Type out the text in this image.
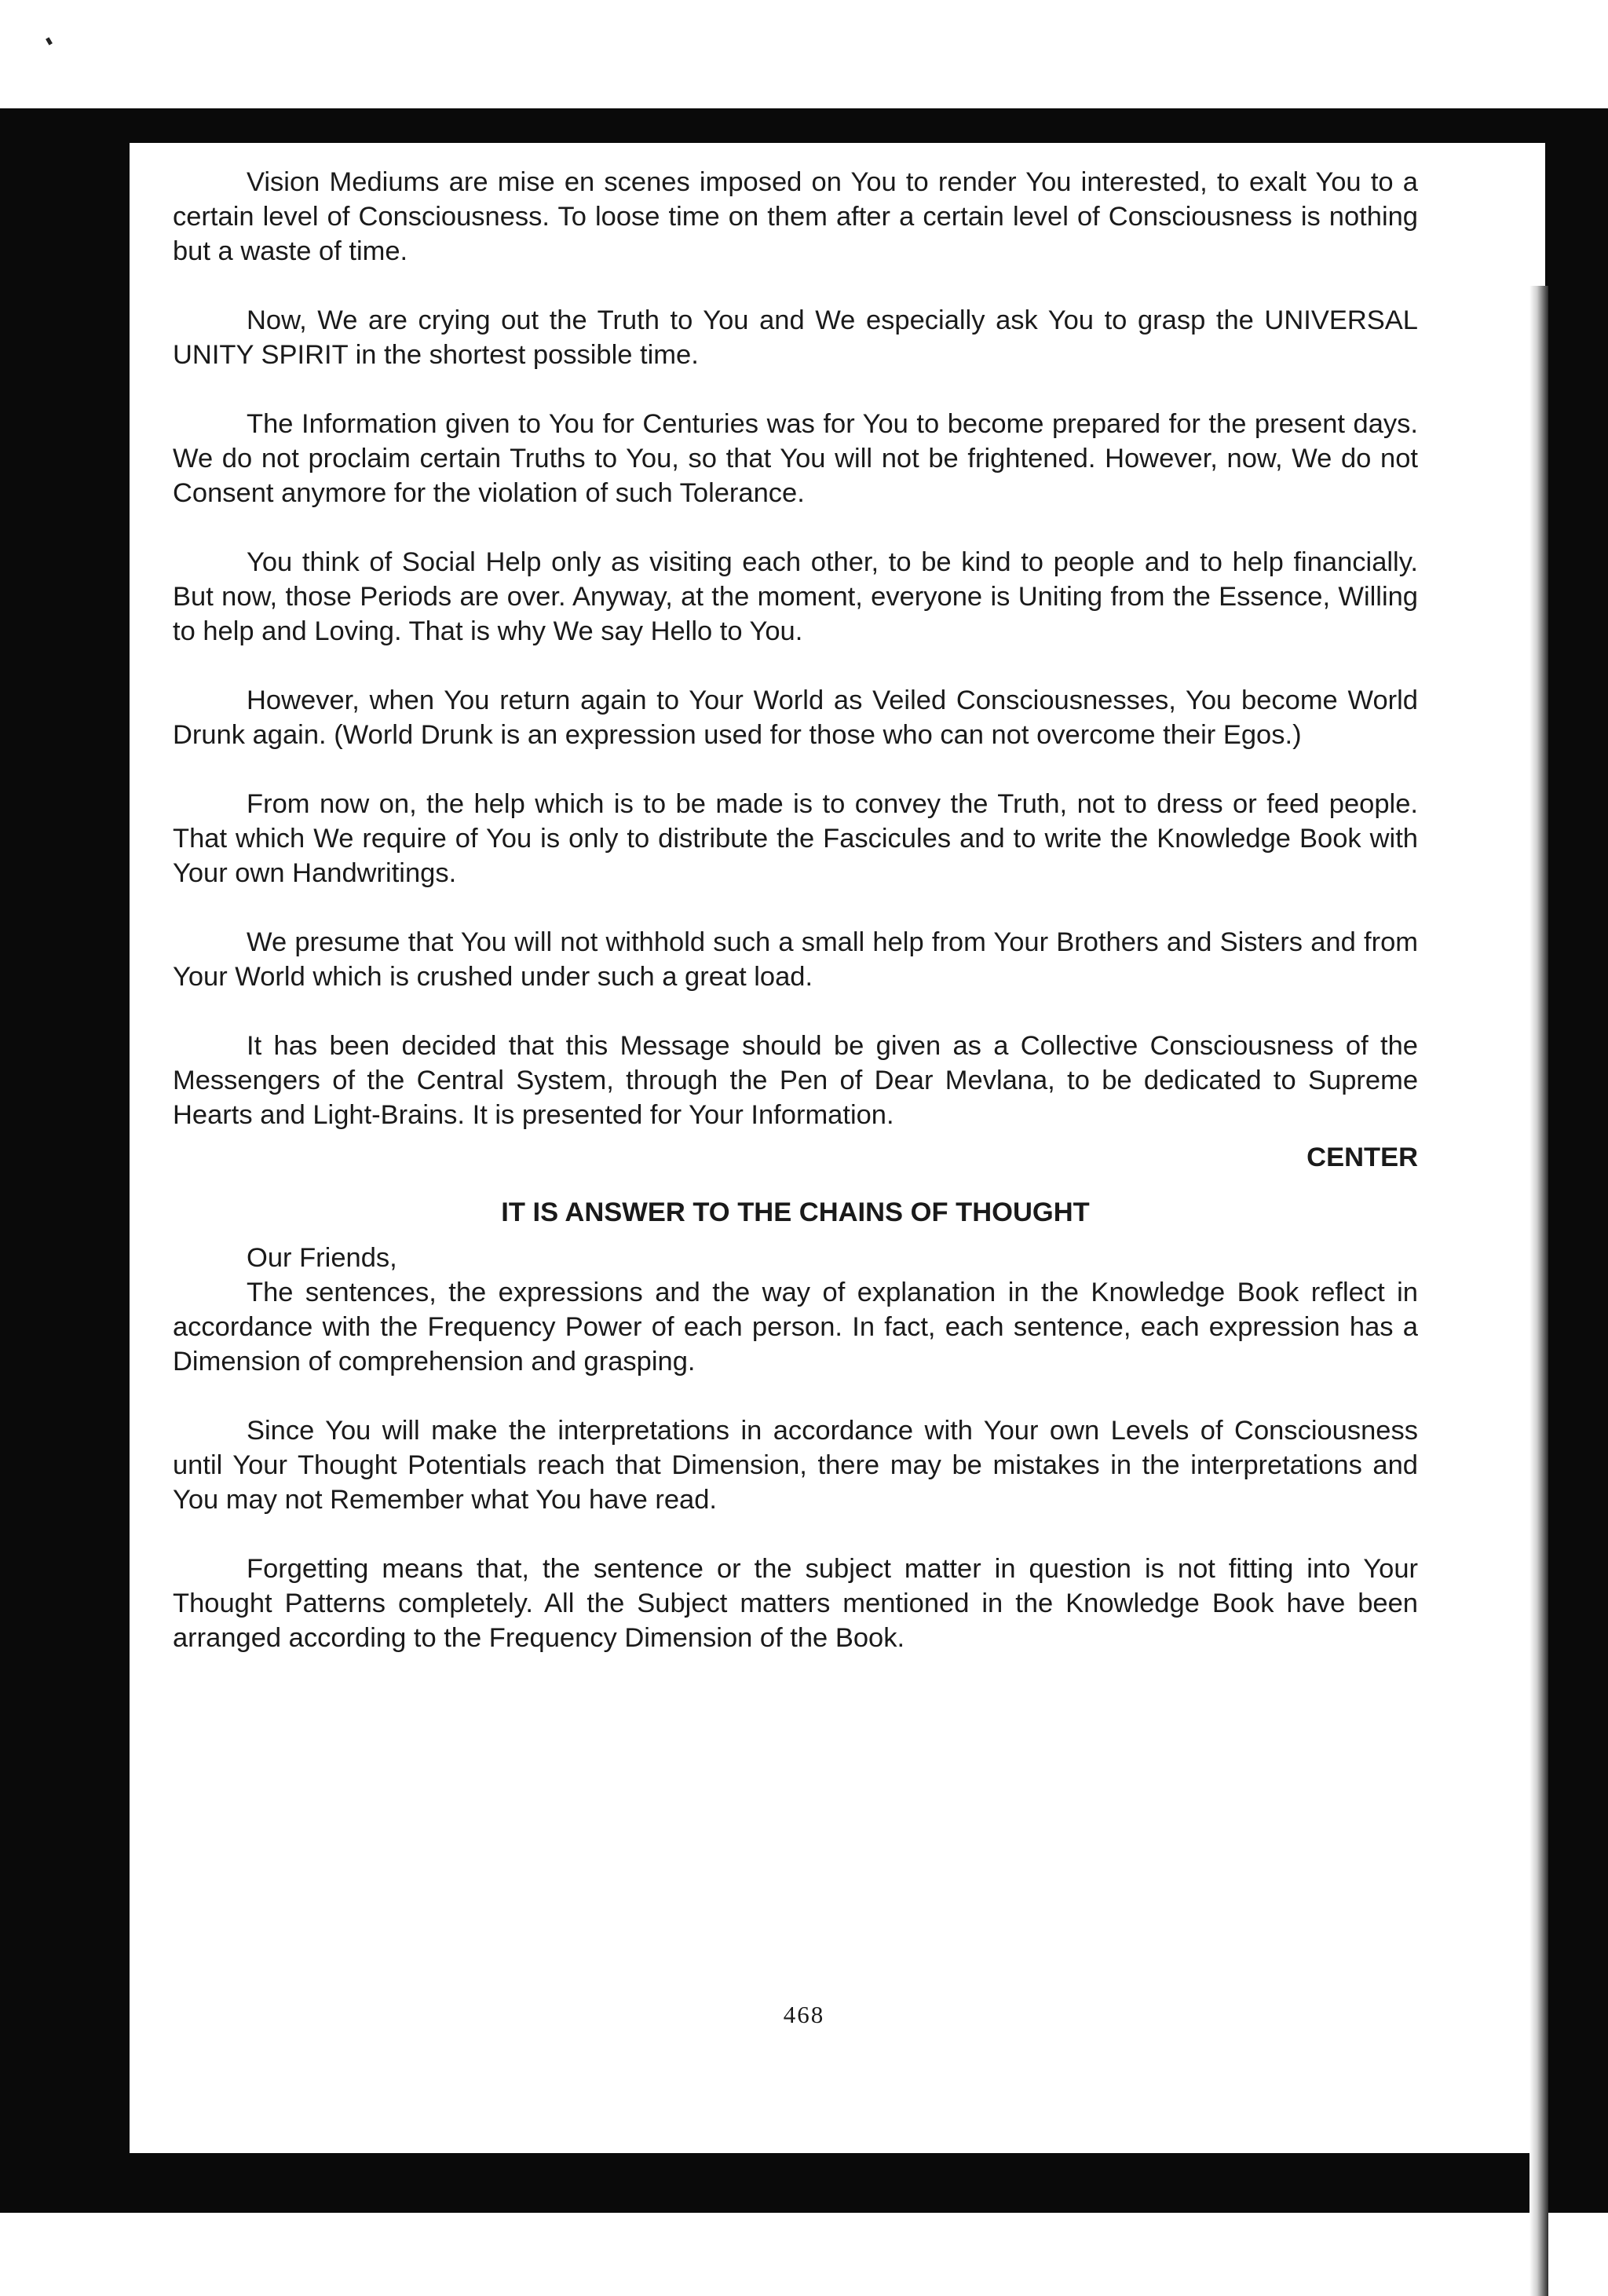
Vision Mediums are mise en scenes imposed on You to render You interested, to exalt You to a certain level of Consciousness. To loose time on them after a certain level of Consciousness is nothing but a waste of time.

Now, We are crying out the Truth to You and We especially ask You to grasp the UNIVERSAL UNITY SPIRIT in the shortest possible time.

The Information given to You for Centuries was for You to become prepared for the present days. We do not proclaim certain Truths to You, so that You will not be frightened. However, now, We do not Consent anymore for the violation of such Tolerance.

You think of Social Help only as visiting each other, to be kind to people and to help financially. But now, those Periods are over. Anyway, at the moment, everyone is Uniting from the Essence, Willing to help and Loving. That is why We say Hello to You.

However, when You return again to Your World as Veiled Consciousnesses, You become World Drunk again. (World Drunk is an expression used for those who can not overcome their Egos.)

From now on, the help which is to be made is to convey the Truth, not to dress or feed people. That which We require of You is only to distribute the Fascicules and to write the Knowledge Book with Your own Handwritings.

We presume that You will not withhold such a small help from Your Brothers and Sisters and from Your World which is crushed under such a great load.

It has been decided that this Message should be given as a Collective Consciousness of the Messengers of the Central System, through the Pen of Dear Mevlana, to be dedicated to Supreme Hearts and Light-Brains. It is presented for Your Information.

CENTER

IT IS ANSWER TO THE CHAINS OF THOUGHT

Our Friends,

The sentences, the expressions and the way of explanation in the Knowledge Book reflect in accordance with the Frequency Power of each person. In fact, each sentence, each expression has a Dimension of comprehension and grasping.

Since You will make the interpretations in accordance with Your own Levels of Consciousness until Your Thought Potentials reach that Dimension, there may be mistakes in the interpretations and You may not Remember what You have read.

Forgetting means that, the sentence or the subject matter in question is not fitting into Your Thought Patterns completely. All the Subject matters mentioned in the Knowledge Book have been arranged according to the Frequency Dimension of the Book.

468
